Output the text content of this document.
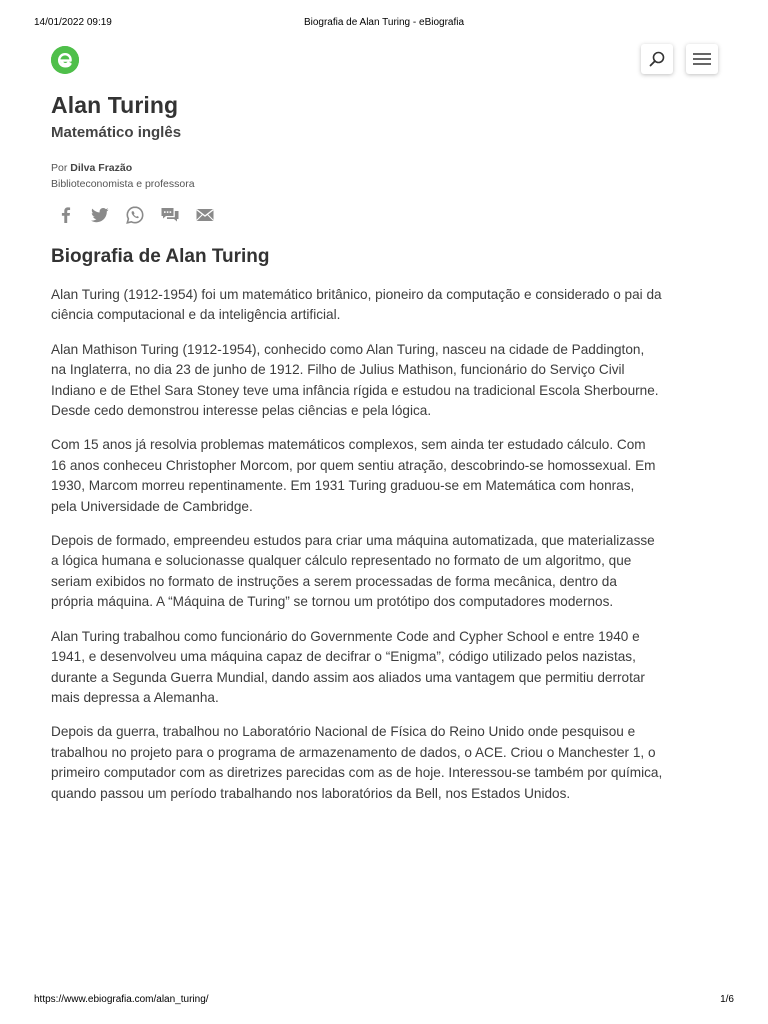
14/01/2022 09:19	Biografia de Alan Turing - eBiografia
Alan Turing
Matemático inglês
Por Dilva Frazão
Biblioteconomista e professora
Biografia de Alan Turing

Alan Turing (1912-1954) foi um matemático britânico, pioneiro da computação e considerado o pai da ciência computacional e da inteligência artificial.

Alan Mathison Turing (1912-1954), conhecido como Alan Turing, nasceu na cidade de Paddington, na Inglaterra, no dia 23 de junho de 1912. Filho de Julius Mathison, funcionário do Serviço Civil Indiano e de Ethel Sara Stoney teve uma infância rígida e estudou na tradicional Escola Sherbourne. Desde cedo demonstrou interesse pelas ciências e pela lógica.

Com 15 anos já resolvia problemas matemáticos complexos, sem ainda ter estudado cálculo. Com 16 anos conheceu Christopher Morcom, por quem sentiu atração, descobrindo-se homossexual. Em 1930, Marcom morreu repentinamente. Em 1931 Turing graduou-se em Matemática com honras, pela Universidade de Cambridge.

Depois de formado, empreendeu estudos para criar uma máquina automatizada, que materializasse a lógica humana e solucionasse qualquer cálculo representado no formato de um algoritmo, que seriam exibidos no formato de instruções a serem processadas de forma mecânica, dentro da própria máquina. A “Máquina de Turing” se tornou um protótipo dos computadores modernos.

Alan Turing trabalhou como funcionário do Governmente Code and Cypher School e entre 1940 e 1941, e desenvolveu uma máquina capaz de decifrar o “Enigma”, código utilizado pelos nazistas, durante a Segunda Guerra Mundial, dando assim aos aliados uma vantagem que permitiu derrotar mais depressa a Alemanha.

Depois da guerra, trabalhou no Laboratório Nacional de Física do Reino Unido onde pesquisou e trabalhou no projeto para o programa de armazenamento de dados, o ACE. Criou o Manchester 1, o primeiro computador com as diretrizes parecidas com as de hoje. Interessou-se também por química, quando passou um período trabalhando nos laboratórios da Bell, nos Estados Unidos.

https://www.ebiografia.com/alan_turing/	1/6
